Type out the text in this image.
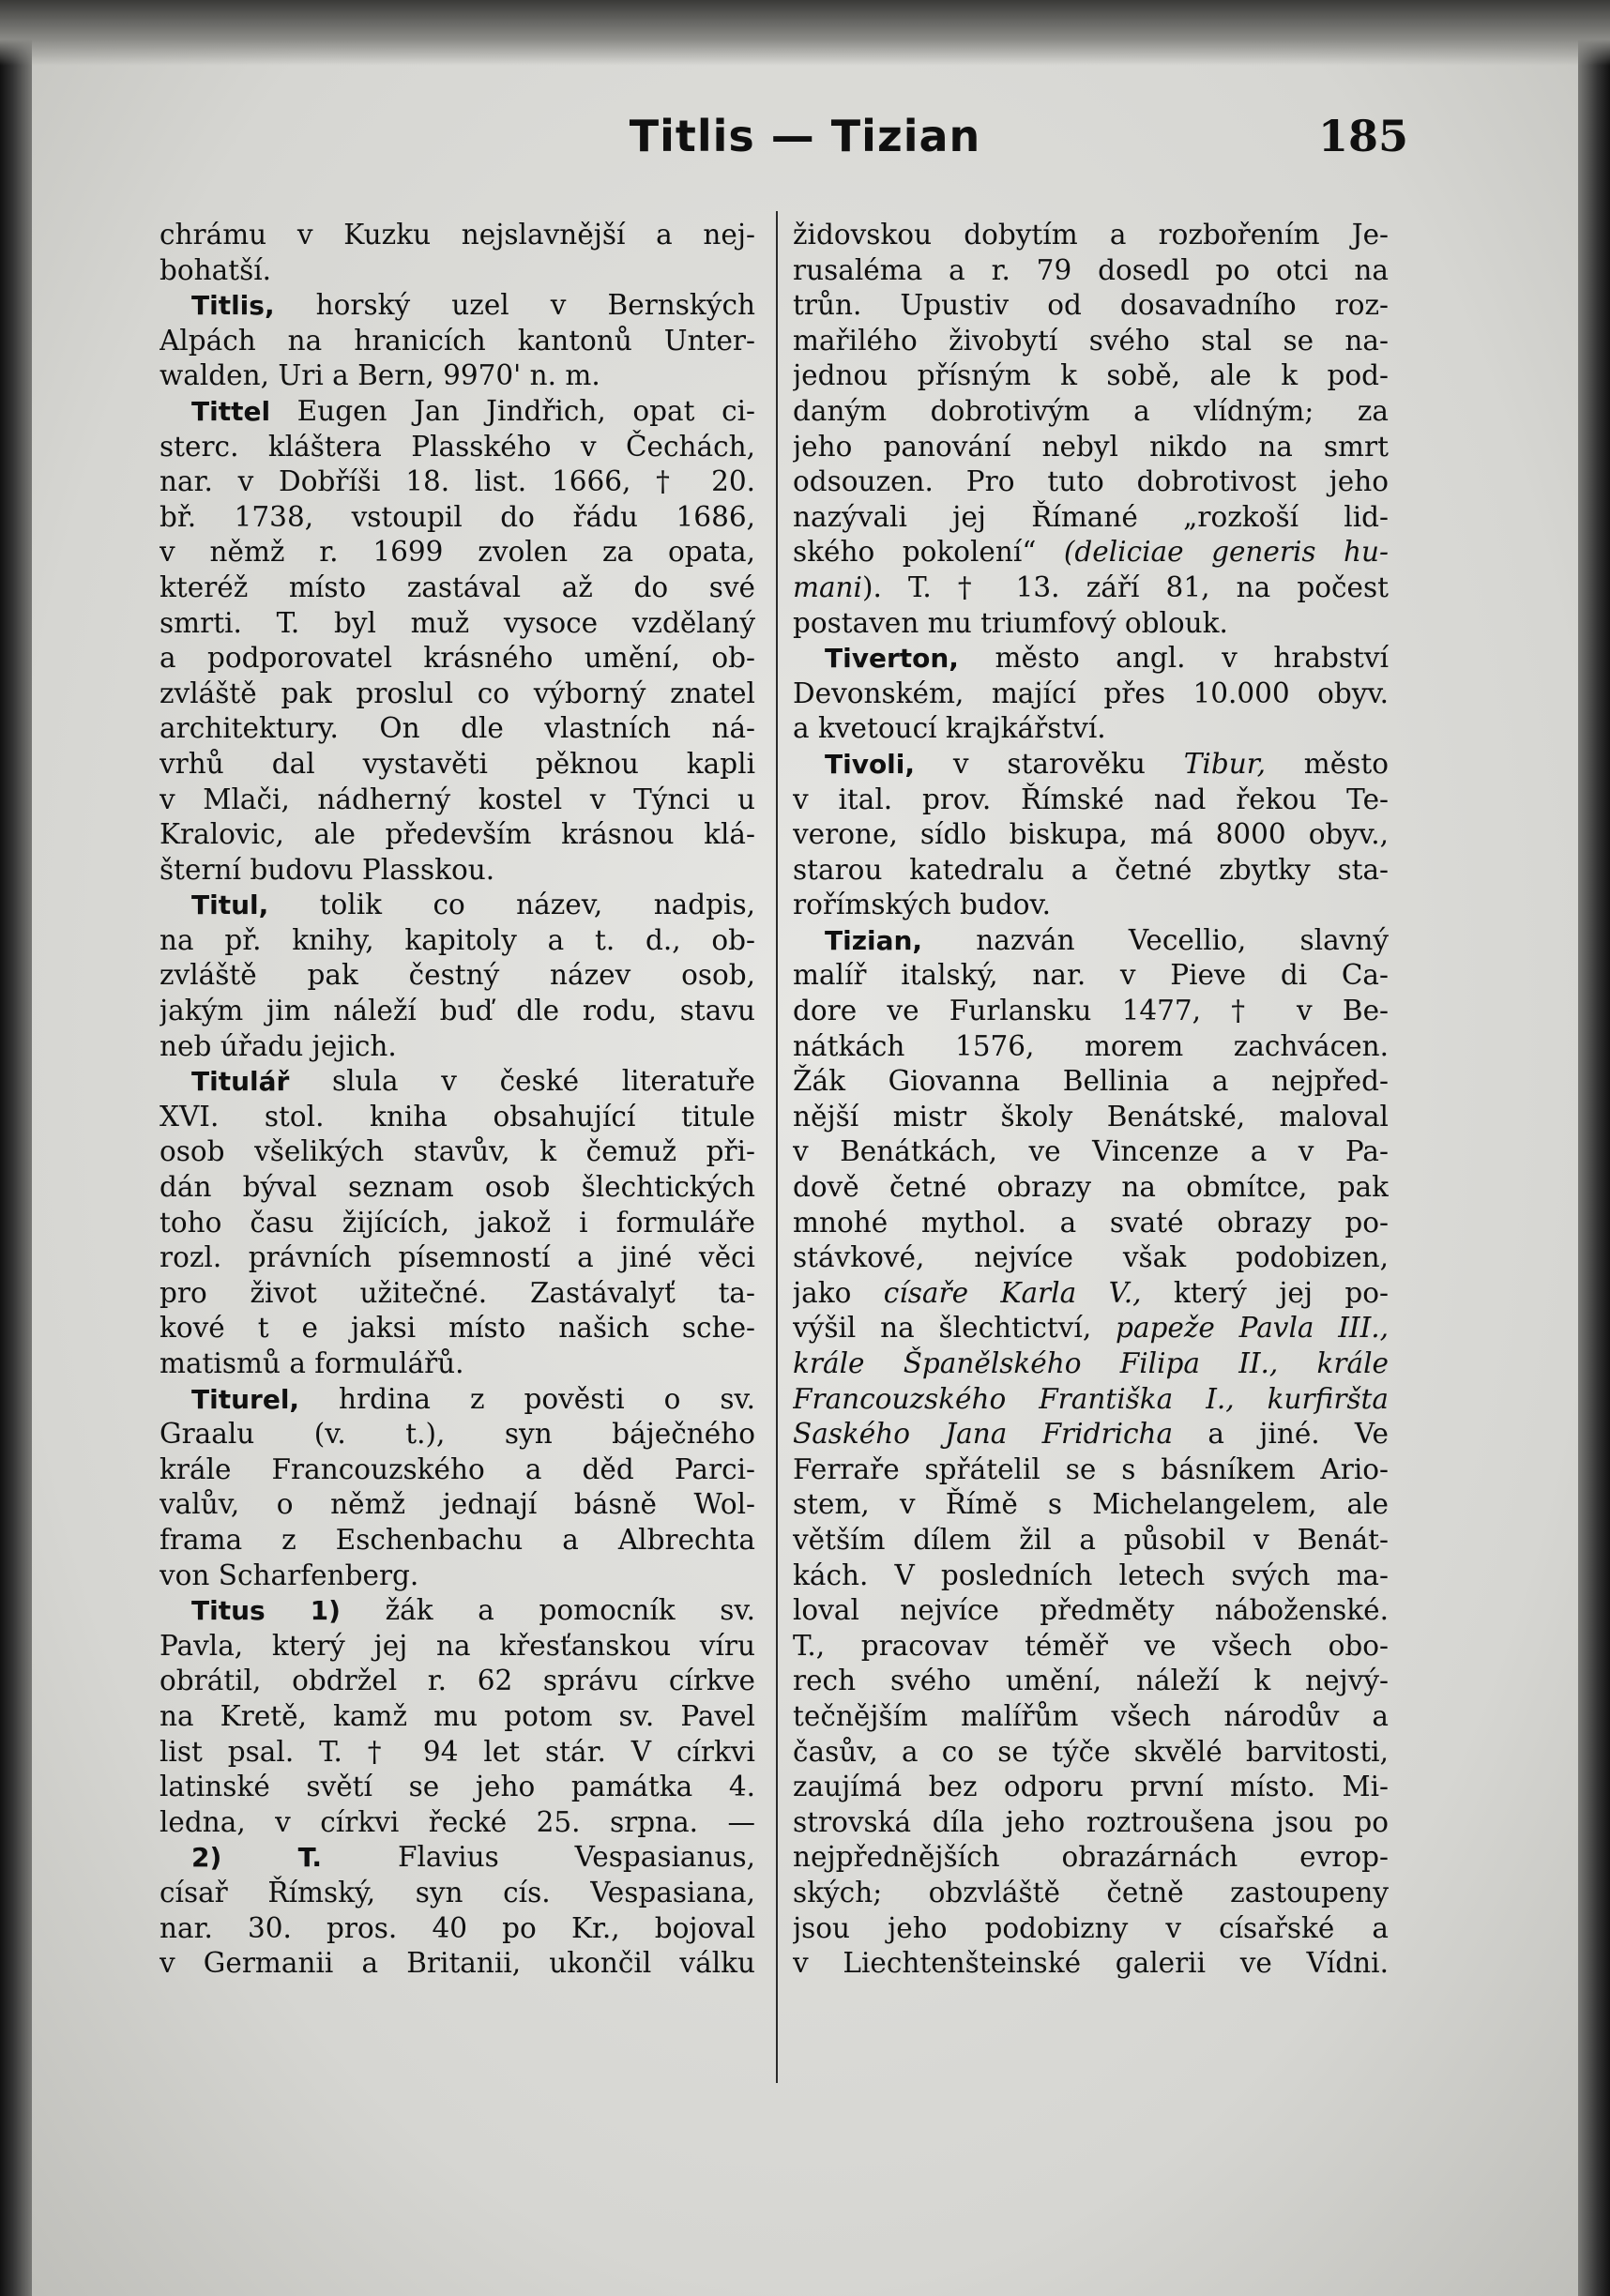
Titlis — Tizian	185
chrámu v Kuzku nejslavnější a nej-
bohatší.
Titlis, horský uzel v Bernských
Alpách na hranicích kantonů Unter-
walden, Uri a Bern, 9970' n. m.
Tittel Eugen Jan Jindřich, opat ci-
sterc. kláštera Plasského v Čechách,
nar. v Dobříši 18. list. 1666, † 20.
bř. 1738, vstoupil do řádu 1686,
v němž r. 1699 zvolen za opata,
kteréž místo zastával až do své
smrti. T. byl muž vysoce vzdělaný
a podporovatel krásného umění, ob-
zvláště pak proslul co výborný znatel
architektury. On dle vlastních ná-
vrhů dal vystavěti pěknou kapli
v Mlači, nádherný kostel v Týnci u
Kralovic, ale především krásnou klá-
šterní budovu Plasskou.
Titul, tolik co název, nadpis,
na př. knihy, kapitoly a t. d., ob-
zvláště pak čestný název osob,
jakým jim náleží buď dle rodu, stavu
neb úřadu jejich.
Titulář slula v české literatuře
XVI. stol. kniha obsahující titule
osob všelikých stavův, k čemuž při-
dán býval seznam osob šlechtických
toho času žijících, jakož i formuláře
rozl. právních písemností a jiné věci
pro život užitečné. Zastávalyť ta-
kové t e jaksi místo našich sche-
matismů a formulářů.
Titurel, hrdina z pověsti o sv.
Graalu (v. t.), syn báječného
krále Francouzského a děd Parci-
valův, o němž jednají básně Wol-
frama z Eschenbachu a Albrechta
von Scharfenberg.
Titus 1) žák a pomocník sv.
Pavla, který jej na křesťanskou víru
obrátil, obdržel r. 62 správu církve
na Kretě, kamž mu potom sv. Pavel
list psal. T. † 94 let stár. V církvi
latinské světí se jeho památka 4.
ledna, v církvi řecké 25. srpna. —
2) T. Flavius Vespasianus,
císař Římský, syn cís. Vespasiana,
nar. 30. pros. 40 po Kr., bojoval
v Germanii a Britanii, ukončil válku
židovskou dobytím a rozbořením Je-
rusaléma a r. 79 dosedl po otci na
trůn. Upustiv od dosavadního roz-
mařilého živobytí svého stal se na-
jednou přísným k sobě, ale k pod-
daným dobrotivým a vlídným; za
jeho panování nebyl nikdo na smrt
odsouzen. Pro tuto dobrotivost jeho
nazývali jej Římané „rozkoší lid-
ského pokolení“ (deliciae generis hu-
mani). T. † 13. září 81, na počest
postaven mu triumfový oblouk.
Tiverton, město angl. v hrabství
Devonském, mající přes 10.000 obyv.
a kvetoucí krajkářství.
Tivoli, v starověku Tibur, město
v ital. prov. Římské nad řekou Te-
verone, sídlo biskupa, má 8000 obyv.,
starou katedralu a četné zbytky sta-
rořímských budov.
Tizian, nazván Vecellio, slavný
malíř italský, nar. v Pieve di Ca-
dore ve Furlansku 1477, † v Be-
nátkách 1576, morem zachvácen.
Žák Giovanna Bellinia a nejpřed-
nější mistr školy Benátské, maloval
v Benátkách, ve Vincenze a v Pa-
dově četné obrazy na obmítce, pak
mnohé mythol. a svaté obrazy po-
stávkové, nejvíce však podobizen,
jako císaře Karla V., který jej po-
výšil na šlechtictví, papeže Pavla III.,
krále Španělského Filipa II., krále
Francouzského Františka I., kurfiršta
Saského Jana Fridricha a jiné. Ve
Ferraře spřátelil se s básníkem Ario-
stem, v Římě s Michelangelem, ale
větším dílem žil a působil v Benát-
kách. V posledních letech svých ma-
loval nejvíce předměty náboženské.
T., pracovav téměř ve všech obo-
rech svého umění, náleží k nejvý-
tečnějším malířům všech národův a
časův, a co se týče skvělé barvitosti,
zaujímá bez odporu první místo. Mi-
strovská díla jeho roztroušena jsou po
nejpřednějších obrazárnách evrop-
ských; obzvláště četně zastoupeny
jsou jeho podobizny v císařské a
v Liechtenšteinské galerii ve Vídni.
